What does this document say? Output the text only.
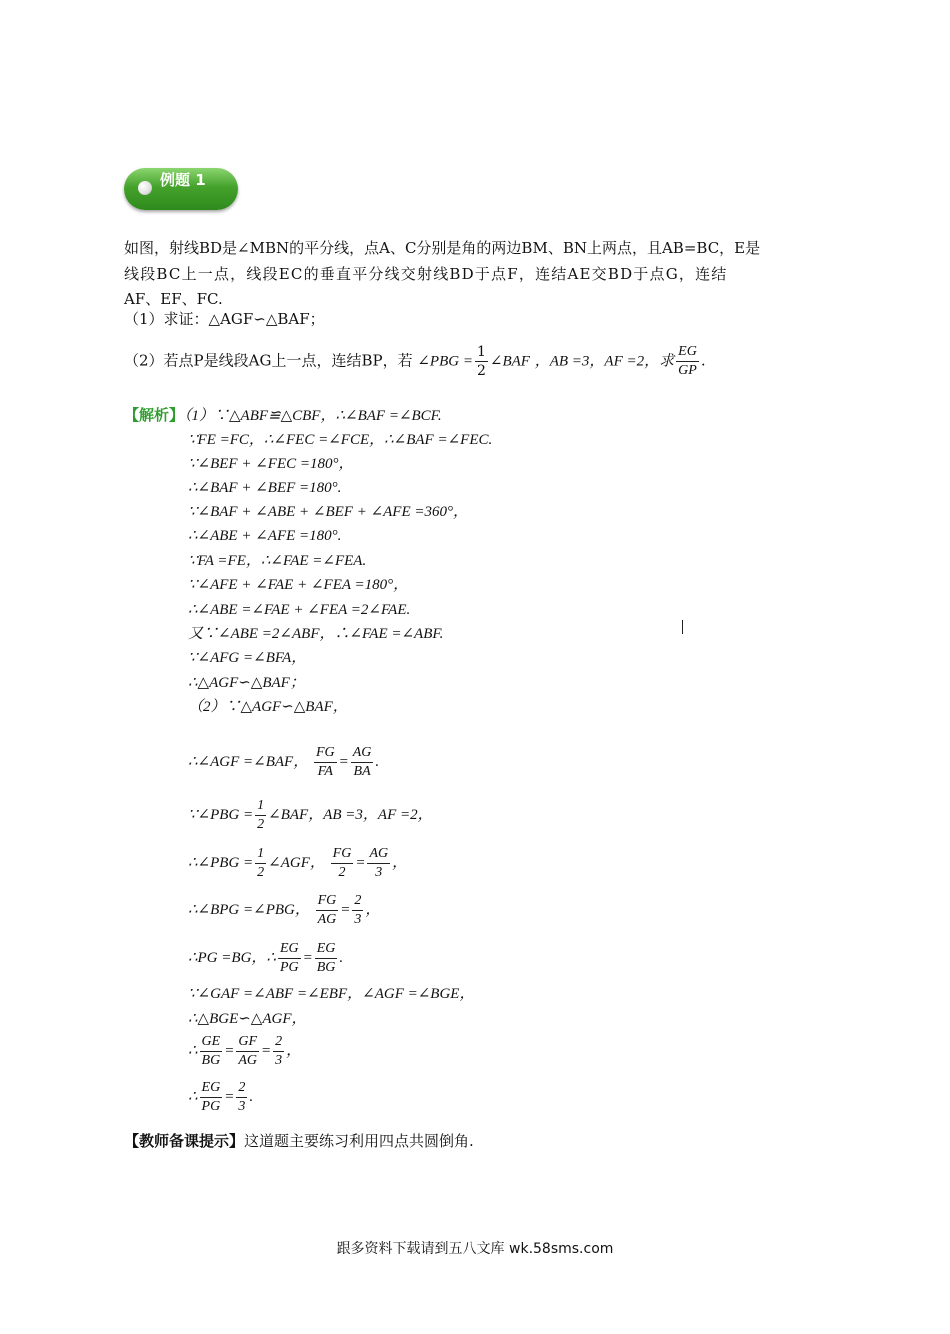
例题 1
如图，射线BD是∠MBN的平分线，点A、C分别是角的两边BM、BN上两点，且AB=BC，E是
线段BC上一点，线段EC的垂直平分线交射线BD于点F，连结AE交BD于点G，连结
AF、EF、FC.
（1）求证：△AGF∽△BAF；
（2）若点P是线段AG上一点，连结BP，若 ∠PBG = $\frac{1}{2}$ ∠BAF ，AB =3，AF =2，求 $\frac{EG}{GP}$ .
【解析】（1）∵△ABF≌△CBF，∴∠BAF =∠BCF.
∵FE =FC，∴∠FEC =∠FCE，∴∠BAF =∠FEC.
∵∠BEF + ∠FEC =180°，
∴∠BAF + ∠BEF =180°.
∵∠BAF + ∠ABE + ∠BEF + ∠AFE =360°，
∴∠ABE + ∠AFE =180°.
∵FA =FE，∴∠FAE =∠FEA.
∵∠AFE + ∠FAE + ∠FEA =180°，
∴∠ABE =∠FAE + ∠FEA =2∠FAE.
又∵∠ABE =2∠ABF，∴∠FAE =∠ABF.
∵∠AFG =∠BFA，
∴△AGF∽△BAF；
（2）∵△AGF∽△BAF，
∴∠AGF =∠BAF， $\frac{FG}{FA} = \frac{AG}{BA}$ .
∵∠PBG = $\frac{1}{2}$ ∠BAF，AB =3，AF =2，
∴∠PBG = $\frac{1}{2}$ ∠AGF， $\frac{FG}{2} = \frac{AG}{3}$ ，
∴∠BPG =∠PBG， $\frac{FG}{AG} = \frac{2}{3}$ ，
∴PG =BG，∴ $\frac{EG}{PG} = \frac{EG}{BG}$ .
∵∠GAF =∠ABF =∠EBF，∠AGF =∠BGE，
∴△BGE∽△AGF，
∴ $\frac{GE}{BG} = \frac{GF}{AG} = \frac{2}{3}$ ，
∴ $\frac{EG}{PG} = \frac{2}{3}$ .
【教师备课提示】这道题主要练习利用四点共圆倒角.
跟多资料下载请到五八文库 wk.58sms.com
